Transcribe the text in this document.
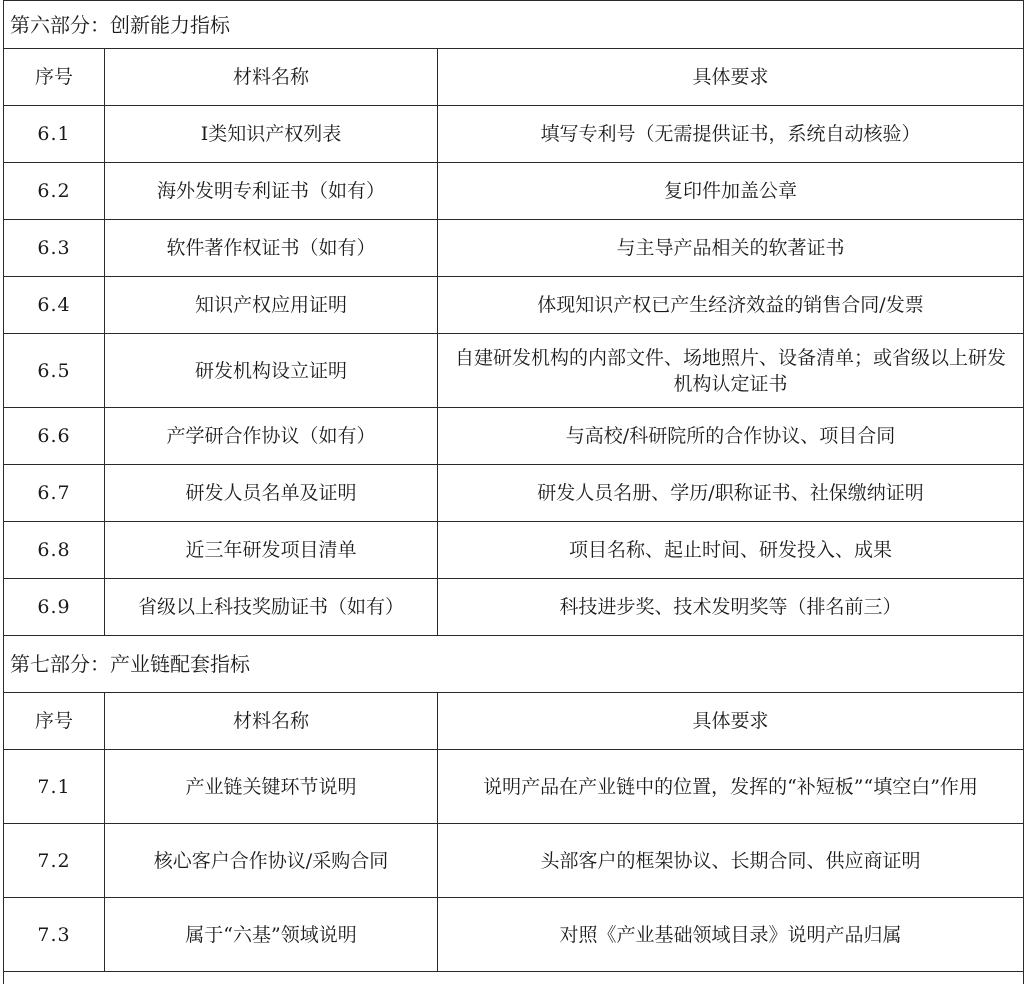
第六部分：创新能力指标		
序号	材料名称	具体要求
6.1	Ⅰ类知识产权列表	填写专利号（无需提供证书，系统自动核验）
6.2	海外发明专利证书（如有）	复印件加盖公章
6.3	软件著作权证书（如有）	与主导产品相关的软著证书
6.4	知识产权应用证明	体现知识产权已产生经济效益的销售合同/发票
6.5	研发机构设立证明	自建研发机构的内部文件、场地照片、设备清单；或省级以上研发机构认定证书
6.6	产学研合作协议（如有）	与高校/科研院所的合作协议、项目合同
6.7	研发人员名单及证明	研发人员名册、学历/职称证书、社保缴纳证明
6.8	近三年研发项目清单	项目名称、起止时间、研发投入、成果
6.9	省级以上科技奖励证书（如有）	科技进步奖、技术发明奖等（排名前三）
第七部分：产业链配套指标		
序号	材料名称	具体要求
7.1	产业链关键环节说明	说明产品在产业链中的位置，发挥的“补短板”“填空白”作用
7.2	核心客户合作协议/采购合同	头部客户的框架协议、长期合同、供应商证明
7.3	属于“六基”领域说明	对照《产业基础领域目录》说明产品归属
